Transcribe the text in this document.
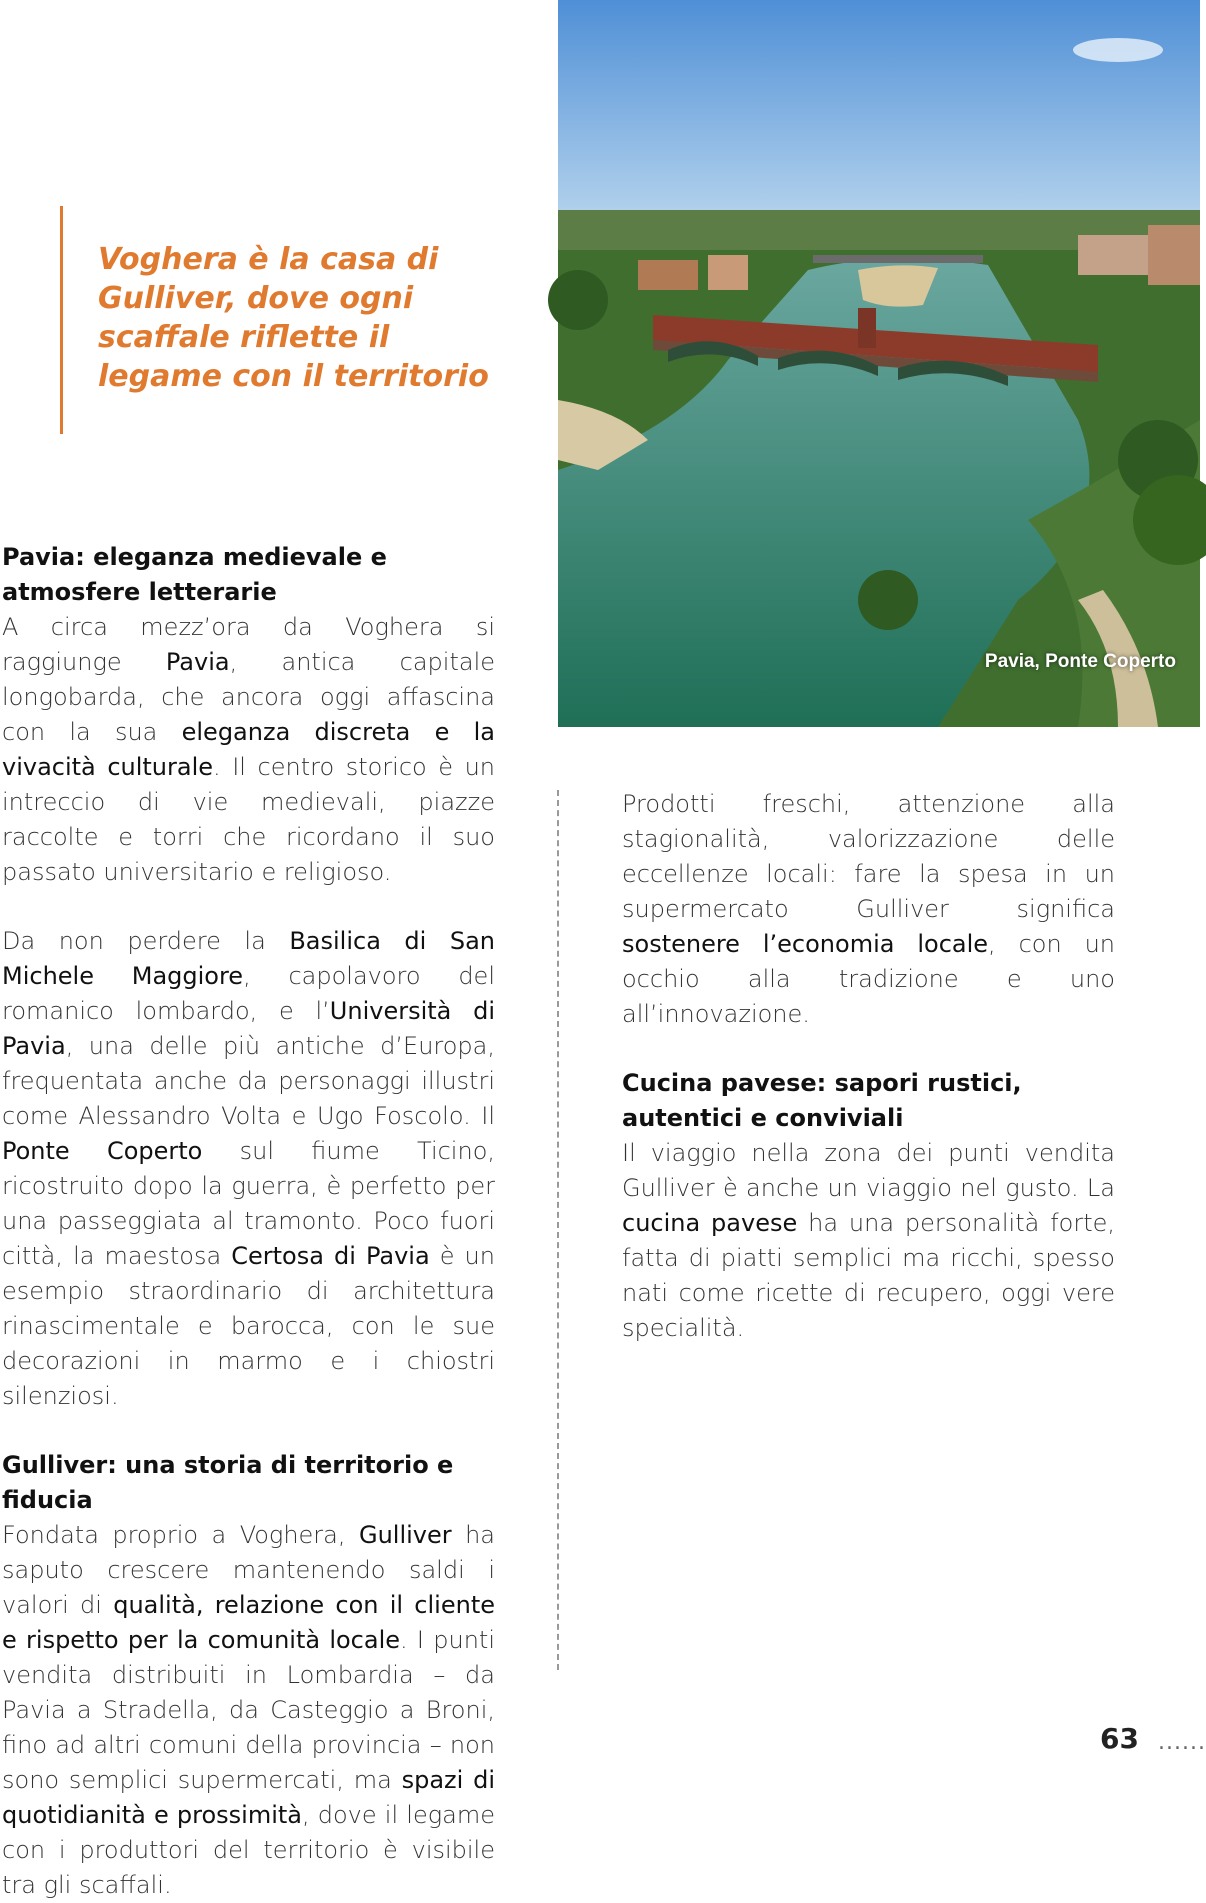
Voghera è la casa di Gulliver, dove ogni scaffale riflette il legame con il territorio

Pavia, Ponte Coperto
Pavia: eleganza medievale e atmosfere letterarie

A circa mezz’ora da Voghera si raggiunge Pavia, antica capitale longobarda, che ancora oggi affascina con la sua eleganza discreta e la vivacità culturale. Il centro storico è un intreccio di vie medievali, piazze raccolte e torri che ricordano il suo passato universitario e religioso.

Da non perdere la Basilica di San Michele Maggiore, capolavoro del romanico lombardo, e l’Università di Pavia, una delle più antiche d’Europa, frequentata anche da personaggi illustri come Alessandro Volta e Ugo Foscolo. Il Ponte Coperto sul fiume Ticino, ricostruito dopo la guerra, è perfetto per una passeggiata al tramonto. Poco fuori città, la maestosa Certosa di Pavia è un esempio straordinario di architettura rinascimentale e barocca, con le sue decorazioni in marmo e i chiostri silenziosi.

Gulliver: una storia di territorio e fiducia

Fondata proprio a Voghera, Gulliver ha saputo crescere mantenendo saldi i valori di qualità, relazione con il cliente e rispetto per la comunità locale. I punti vendita distribuiti in Lombardia – da Pavia a Stradella, da Casteggio a Broni, fino ad altri comuni della provincia – non sono semplici supermercati, ma spazi di quotidianità e prossimità, dove il legame con i produttori del territorio è visibile tra gli scaffali.

Prodotti freschi, attenzione alla stagionalità, valorizzazione delle eccellenze locali: fare la spesa in un supermercato Gulliver significa sostenere l’economia locale, con un occhio alla tradizione e uno all’innovazione.

Cucina pavese: sapori rustici, autentici e conviviali

Il viaggio nella zona dei punti vendita Gulliver è anche un viaggio nel gusto. La cucina pavese ha una personalità forte, fatta di piatti semplici ma ricchi, spesso nati come ricette di recupero, oggi vere specialità.

63 ......
